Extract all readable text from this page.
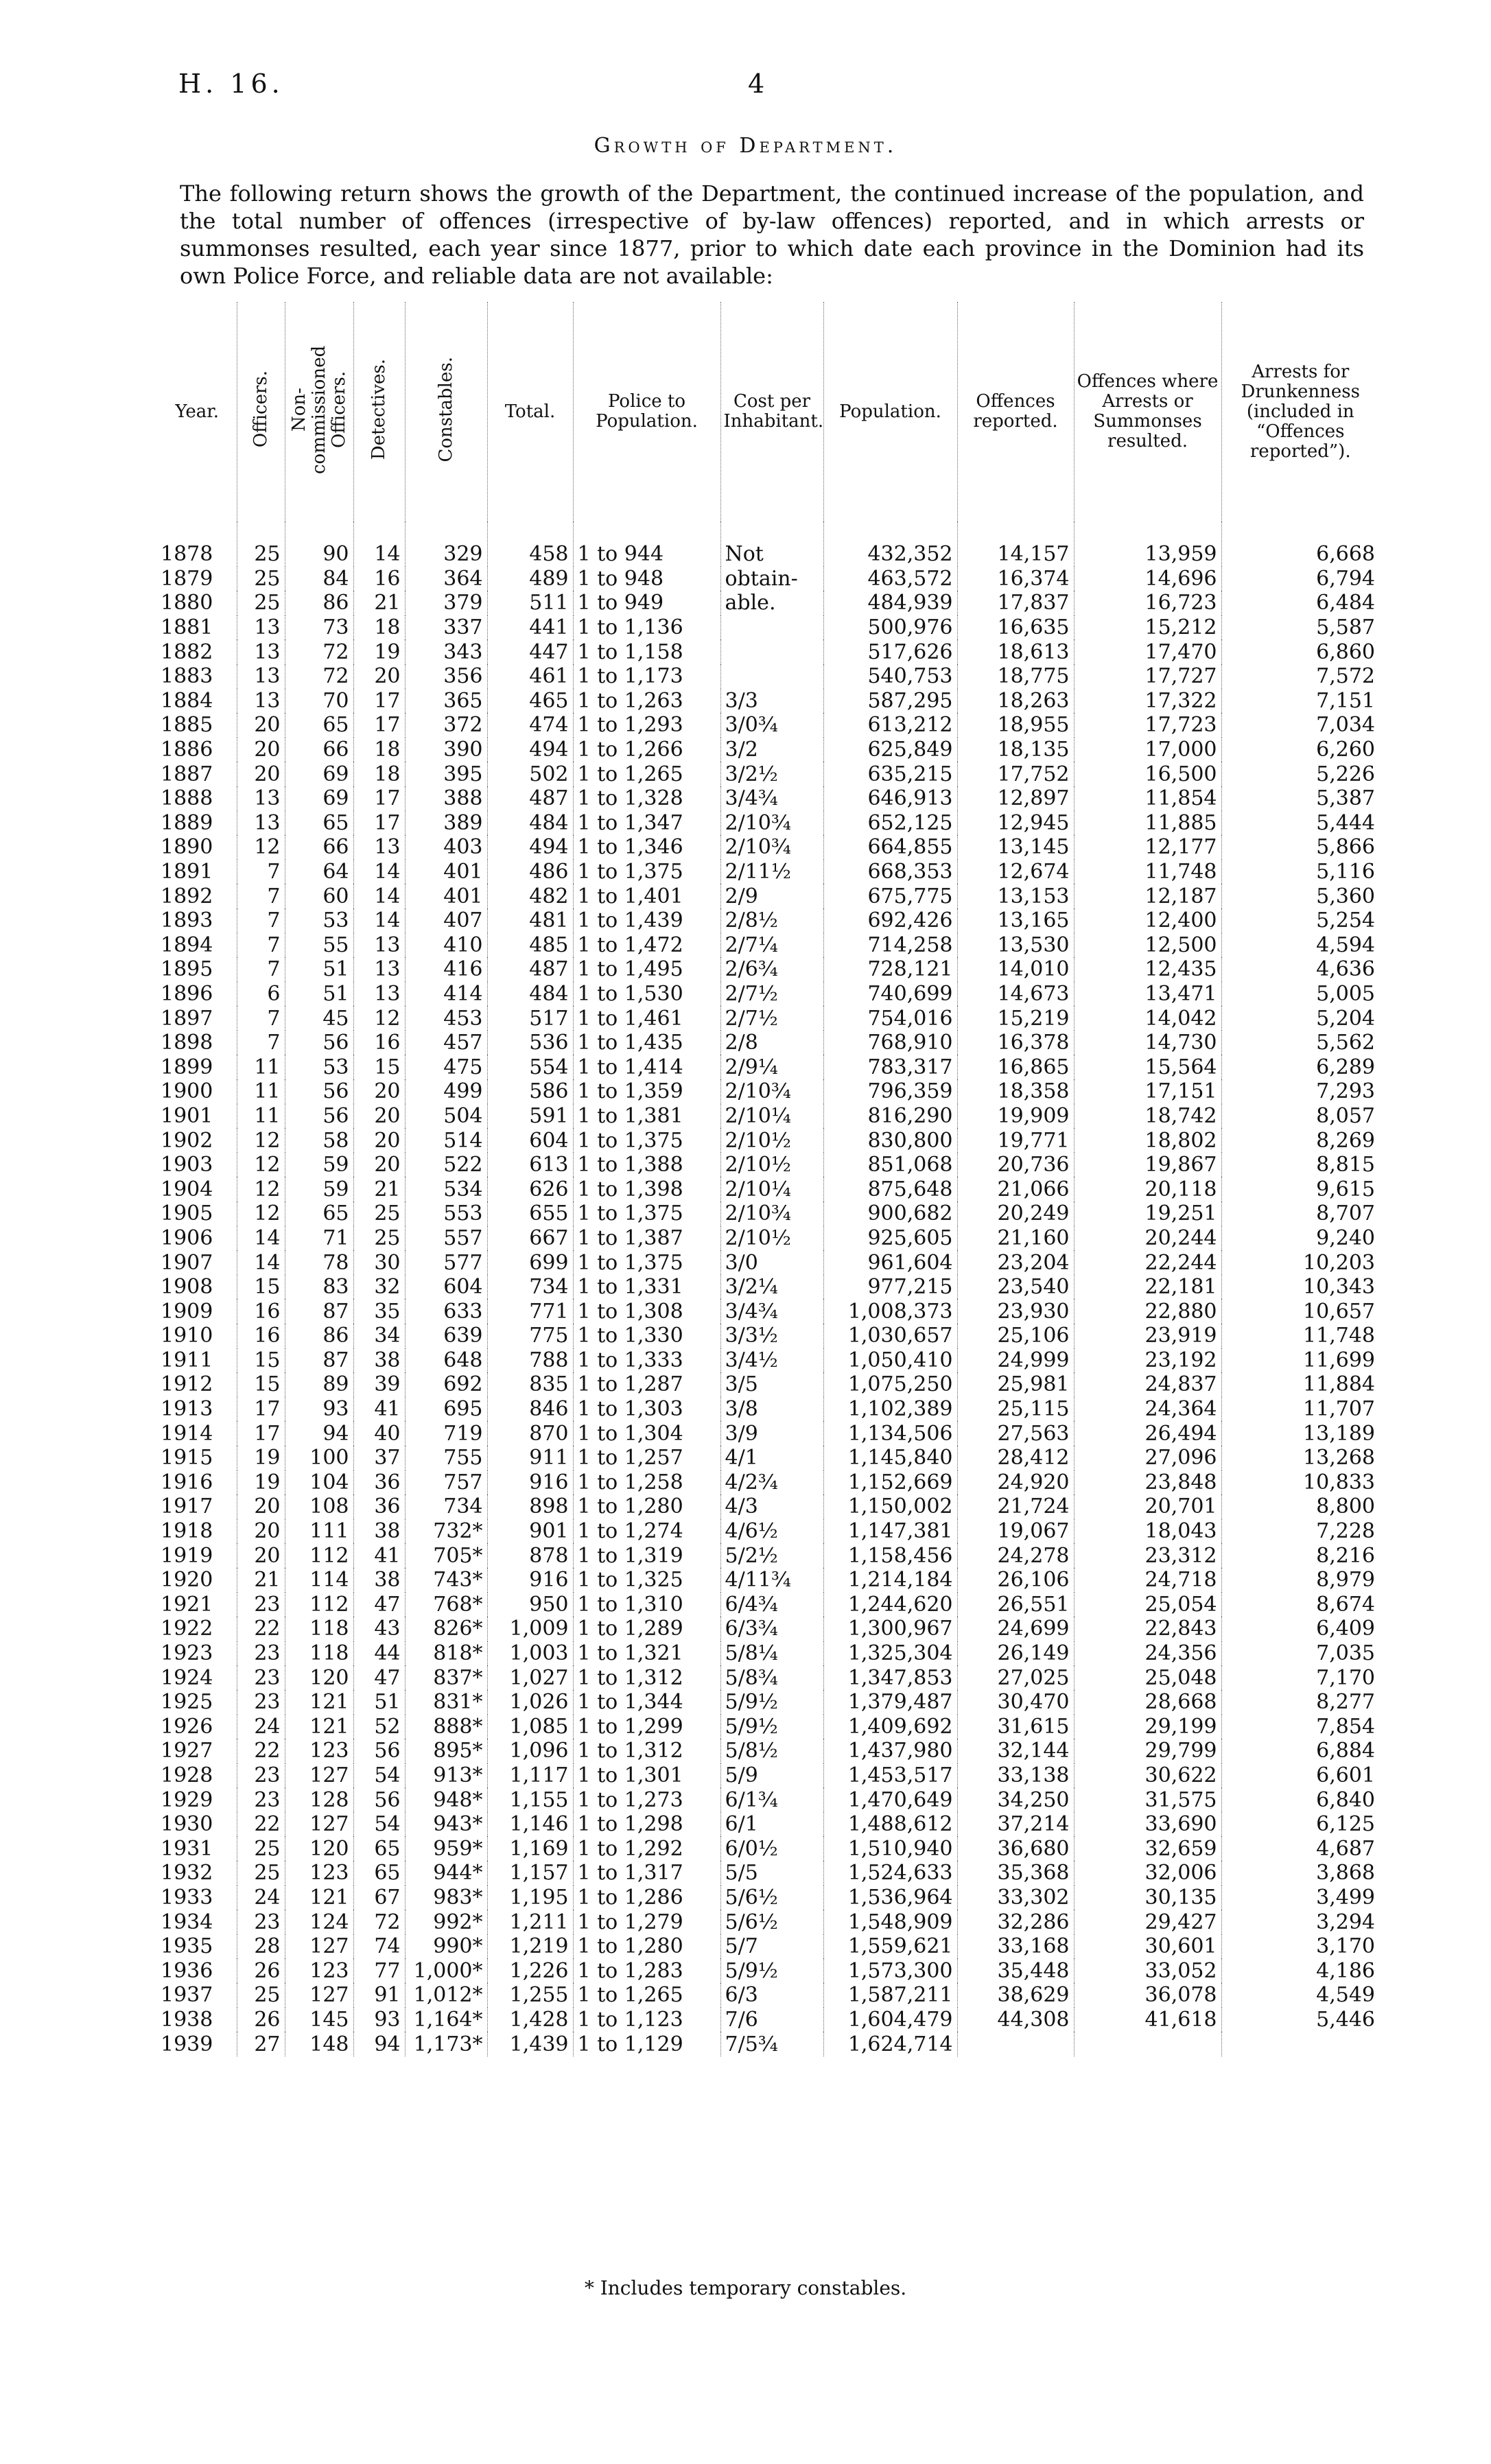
H. 16.	4
Growth of Department.
The following return shows the growth of the Department, the continued increase of the population, and the total number of offences (irrespective of by-law offences) reported, and in which arrests or summonses resulted, each year since 1877, prior to which date each province in the Dominion had its own Police Force, and reliable data are not available:
Year.	Officers.	Non-commissioned Officers.	Detectives.	Constables.	Total.	Police to Population.	Cost per Inhabitant.	Population.	Offences reported.	Offences where Arrests or Summonses resulted.	Arrests for Drunkenness (included in “Offences reported”).
1878	25	90	14	329	458	1 to 944	Not	432,352	14,157	13,959	6,668
1879	25	84	16	364	489	1 to 948	obtain-	463,572	16,374	14,696	6,794
1880	25	86	21	379	511	1 to 949	able.	484,939	17,837	16,723	6,484
1881	13	73	18	337	441	1 to 1,136		500,976	16,635	15,212	5,587
1882	13	72	19	343	447	1 to 1,158		517,626	18,613	17,470	6,860
1883	13	72	20	356	461	1 to 1,173		540,753	18,775	17,727	7,572
1884	13	70	17	365	465	1 to 1,263	3/3	587,295	18,263	17,322	7,151
1885	20	65	17	372	474	1 to 1,293	3/0¾	613,212	18,955	17,723	7,034
1886	20	66	18	390	494	1 to 1,266	3/2	625,849	18,135	17,000	6,260
1887	20	69	18	395	502	1 to 1,265	3/2½	635,215	17,752	16,500	5,226
1888	13	69	17	388	487	1 to 1,328	3/4¾	646,913	12,897	11,854	5,387
1889	13	65	17	389	484	1 to 1,347	2/10¾	652,125	12,945	11,885	5,444
1890	12	66	13	403	494	1 to 1,346	2/10¾	664,855	13,145	12,177	5,866
1891	7	64	14	401	486	1 to 1,375	2/11½	668,353	12,674	11,748	5,116
1892	7	60	14	401	482	1 to 1,401	2/9	675,775	13,153	12,187	5,360
1893	7	53	14	407	481	1 to 1,439	2/8½	692,426	13,165	12,400	5,254
1894	7	55	13	410	485	1 to 1,472	2/7¼	714,258	13,530	12,500	4,594
1895	7	51	13	416	487	1 to 1,495	2/6¾	728,121	14,010	12,435	4,636
1896	6	51	13	414	484	1 to 1,530	2/7½	740,699	14,673	13,471	5,005
1897	7	45	12	453	517	1 to 1,461	2/7½	754,016	15,219	14,042	5,204
1898	7	56	16	457	536	1 to 1,435	2/8	768,910	16,378	14,730	5,562
1899	11	53	15	475	554	1 to 1,414	2/9¼	783,317	16,865	15,564	6,289
1900	11	56	20	499	586	1 to 1,359	2/10¾	796,359	18,358	17,151	7,293
1901	11	56	20	504	591	1 to 1,381	2/10¼	816,290	19,909	18,742	8,057
1902	12	58	20	514	604	1 to 1,375	2/10½	830,800	19,771	18,802	8,269
1903	12	59	20	522	613	1 to 1,388	2/10½	851,068	20,736	19,867	8,815
1904	12	59	21	534	626	1 to 1,398	2/10¼	875,648	21,066	20,118	9,615
1905	12	65	25	553	655	1 to 1,375	2/10¾	900,682	20,249	19,251	8,707
1906	14	71	25	557	667	1 to 1,387	2/10½	925,605	21,160	20,244	9,240
1907	14	78	30	577	699	1 to 1,375	3/0	961,604	23,204	22,244	10,203
1908	15	83	32	604	734	1 to 1,331	3/2¼	977,215	23,540	22,181	10,343
1909	16	87	35	633	771	1 to 1,308	3/4¾	1,008,373	23,930	22,880	10,657
1910	16	86	34	639	775	1 to 1,330	3/3½	1,030,657	25,106	23,919	11,748
1911	15	87	38	648	788	1 to 1,333	3/4½	1,050,410	24,999	23,192	11,699
1912	15	89	39	692	835	1 to 1,287	3/5	1,075,250	25,981	24,837	11,884
1913	17	93	41	695	846	1 to 1,303	3/8	1,102,389	25,115	24,364	11,707
1914	17	94	40	719	870	1 to 1,304	3/9	1,134,506	27,563	26,494	13,189
1915	19	100	37	755	911	1 to 1,257	4/1	1,145,840	28,412	27,096	13,268
1916	19	104	36	757	916	1 to 1,258	4/2¾	1,152,669	24,920	23,848	10,833
1917	20	108	36	734	898	1 to 1,280	4/3	1,150,002	21,724	20,701	8,800
1918	20	111	38	732*	901	1 to 1,274	4/6½	1,147,381	19,067	18,043	7,228
1919	20	112	41	705*	878	1 to 1,319	5/2½	1,158,456	24,278	23,312	8,216
1920	21	114	38	743*	916	1 to 1,325	4/11¾	1,214,184	26,106	24,718	8,979
1921	23	112	47	768*	950	1 to 1,310	6/4¾	1,244,620	26,551	25,054	8,674
1922	22	118	43	826*	1,009	1 to 1,289	6/3¾	1,300,967	24,699	22,843	6,409
1923	23	118	44	818*	1,003	1 to 1,321	5/8¼	1,325,304	26,149	24,356	7,035
1924	23	120	47	837*	1,027	1 to 1,312	5/8¾	1,347,853	27,025	25,048	7,170
1925	23	121	51	831*	1,026	1 to 1,344	5/9½	1,379,487	30,470	28,668	8,277
1926	24	121	52	888*	1,085	1 to 1,299	5/9½	1,409,692	31,615	29,199	7,854
1927	22	123	56	895*	1,096	1 to 1,312	5/8½	1,437,980	32,144	29,799	6,884
1928	23	127	54	913*	1,117	1 to 1,301	5/9	1,453,517	33,138	30,622	6,601
1929	23	128	56	948*	1,155	1 to 1,273	6/1¾	1,470,649	34,250	31,575	6,840
1930	22	127	54	943*	1,146	1 to 1,298	6/1	1,488,612	37,214	33,690	6,125
1931	25	120	65	959*	1,169	1 to 1,292	6/0½	1,510,940	36,680	32,659	4,687
1932	25	123	65	944*	1,157	1 to 1,317	5/5	1,524,633	35,368	32,006	3,868
1933	24	121	67	983*	1,195	1 to 1,286	5/6½	1,536,964	33,302	30,135	3,499
1934	23	124	72	992*	1,211	1 to 1,279	5/6½	1,548,909	32,286	29,427	3,294
1935	28	127	74	990*	1,219	1 to 1,280	5/7	1,559,621	33,168	30,601	3,170
1936	26	123	77	1,000*	1,226	1 to 1,283	5/9½	1,573,300	35,448	33,052	4,186
1937	25	127	91	1,012*	1,255	1 to 1,265	6/3	1,587,211	38,629	36,078	4,549
1938	26	145	93	1,164*	1,428	1 to 1,123	7/6	1,604,479	44,308	41,618	5,446
1939	27	148	94	1,173*	1,439	1 to 1,129	7/5¾	1,624,714			
* Includes temporary constables.
